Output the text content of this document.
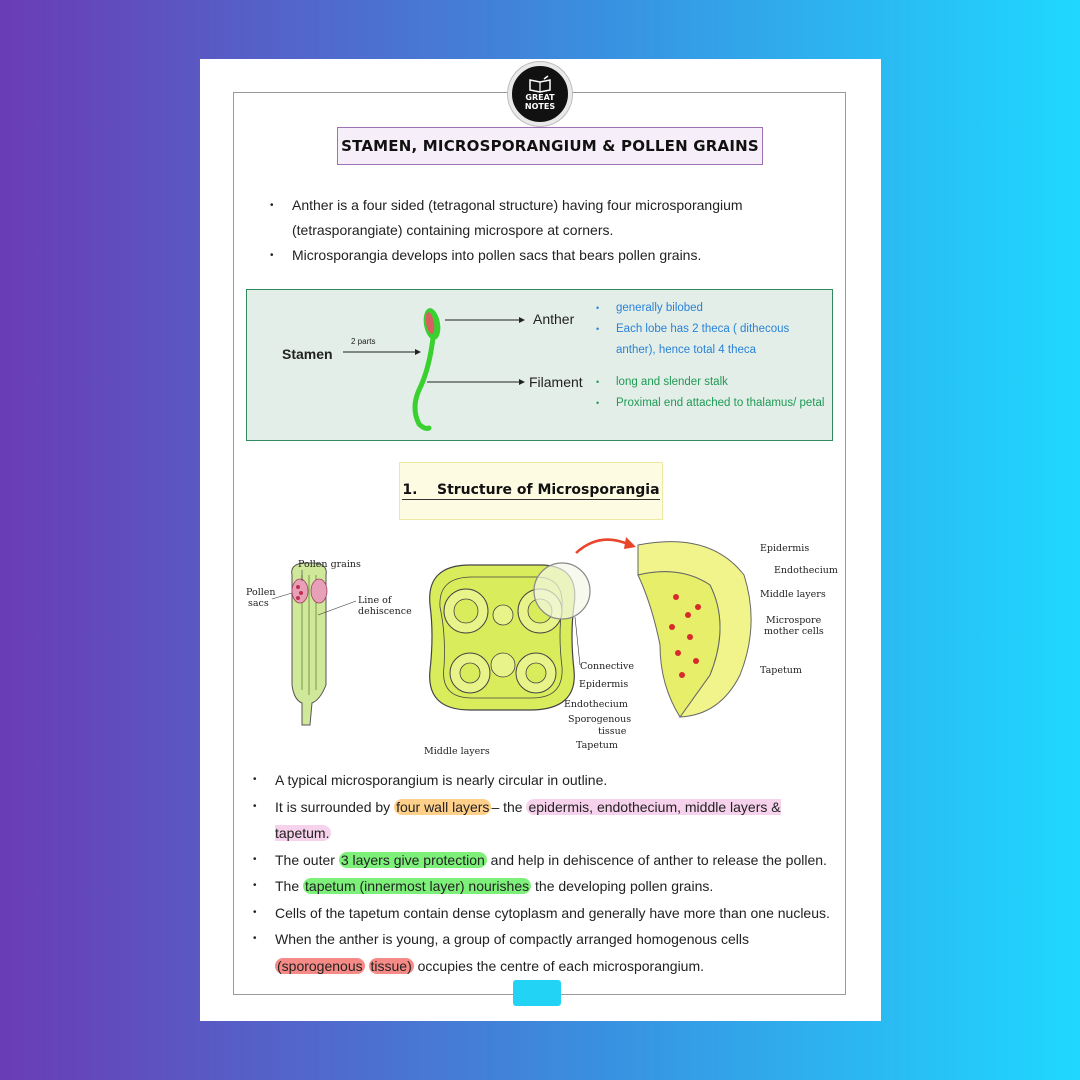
GREAT
NOTES
STAMEN, MICROSPORANGIUM & POLLEN GRAINS
• Anther is a four sided (tetragonal structure) having four microsporangium (tetrasporangiate) containing microspore at corners.
• Microsporangia develops into pollen sacs that bears pollen grains.
Stamen
2 parts
Anther
Filament
• generally bilobed
• Each lobe has 2 theca ( dithecous anther), hence total 4 theca
• long and slender stalk
• Proximal end attached to thalamus/ petal
1. Structure of Microsporangia
Pollen grains
Pollen
sacs	Line of
dehiscence
Connective
Epidermis
Endothecium
Sporogenous
tissue
Tapetum
Middle layers
Epidermis
Endothecium
Middle layers
Microspore
mother cells
Tapetum
• A typical microsporangium is nearly circular in outline.
• It is surrounded by four wall layers – the epidermis, endothecium, middle layers & tapetum.
• The outer 3 layers give protection and help in dehiscence of anther to release the pollen.
• The tapetum (innermost layer) nourishes the developing pollen grains.
• Cells of the tapetum contain dense cytoplasm and generally have more than one nucleus.
• When the anther is young, a group of compactly arranged homogenous cells (sporogenous tissue) occupies the centre of each microsporangium.
